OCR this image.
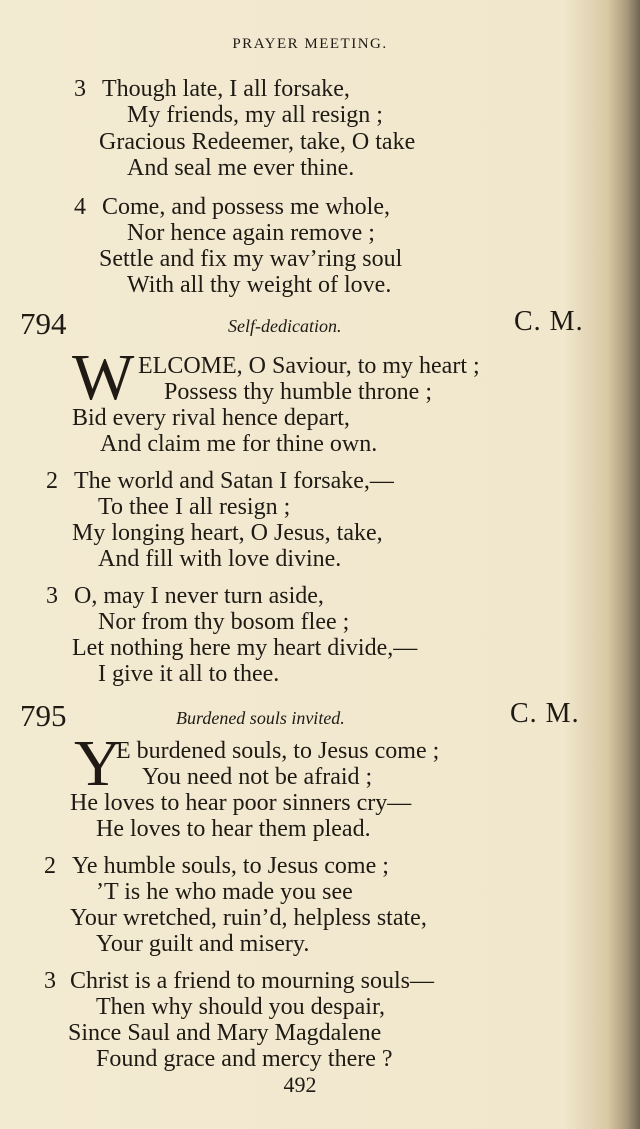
PRAYER MEETING.
3 Though late, I all forsake,
My friends, my all resign ;
Gracious Redeemer, take, O take
And seal me ever thine.
4 Come, and possess me whole,
Nor hence again remove ;
Settle and fix my wav’ring soul
With all thy weight of love.
794	Self-dedication.	C. M.
W ELCOME, O Saviour, to my heart ;
Possess thy humble throne ;
Bid every rival hence depart,
And claim me for thine own.
2 The world and Satan I forsake,—
To thee I all resign ;
My longing heart, O Jesus, take,
And fill with love divine.
3 O, may I never turn aside,
Nor from thy bosom flee ;
Let nothing here my heart divide,—
I give it all to thee.
795	Burdened souls invited.	C. M.
Y
E burdened souls, to Jesus come ;
You need not be afraid ;
He loves to hear poor sinners cry—
He loves to hear them plead.
2 Ye humble souls, to Jesus come ;
’T is he who made you see
Your wretched, ruin’d, helpless state,
Your guilt and misery.
3 Christ is a friend to mourning souls—
Then why should you despair,
Since Saul and Mary Magdalene
Found grace and mercy there ?
492
